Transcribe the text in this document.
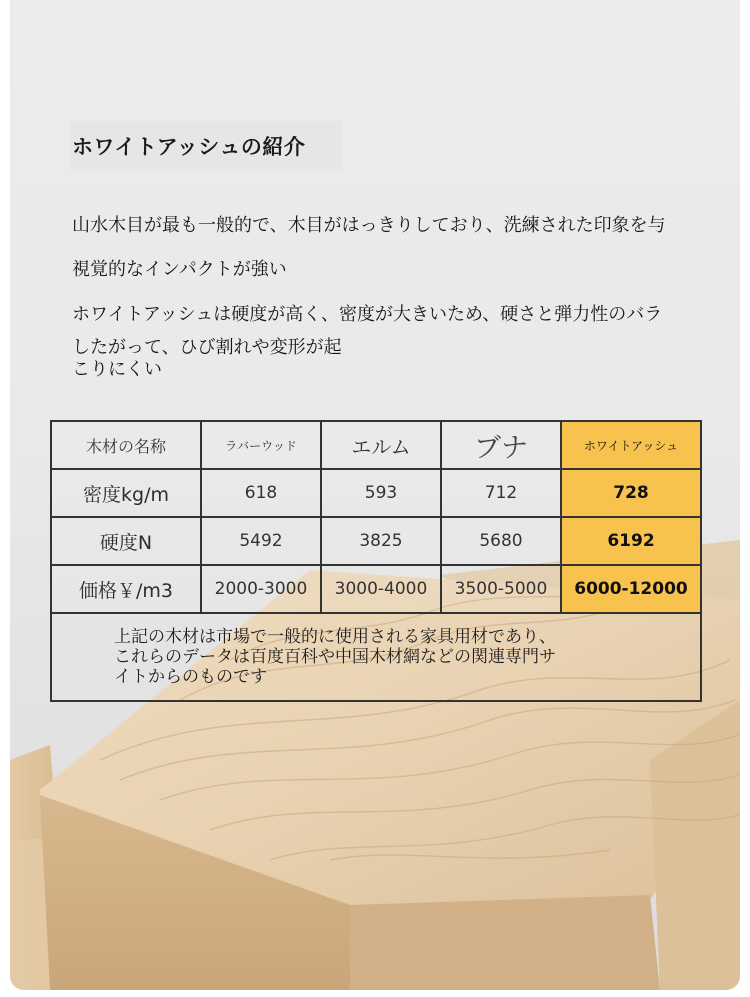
ホワイトアッシュの紹介
山水木目が最も一般的で、木目がはっきりしており、洗練された印象を与
視覚的なインパクトが強い
ホワイトアッシュは硬度が高く、密度が大きいため、硬さと弾力性のバラ
したがって、ひび割れや変形が起
こりにくい
木材の名称	ラバーウッド	エルム	ブナ	ホワイトアッシュ
密度kg/m	618	593	712	728
硬度N	5492	3825	5680	6192
価格￥/m3	2000-3000	3000-4000	3500-5000	6000-12000

上記の木材は市場で一般的に使用される家具用材であり、
これらのデータは百度百科や中国木材網などの関連専門サ
イトからのものです				
